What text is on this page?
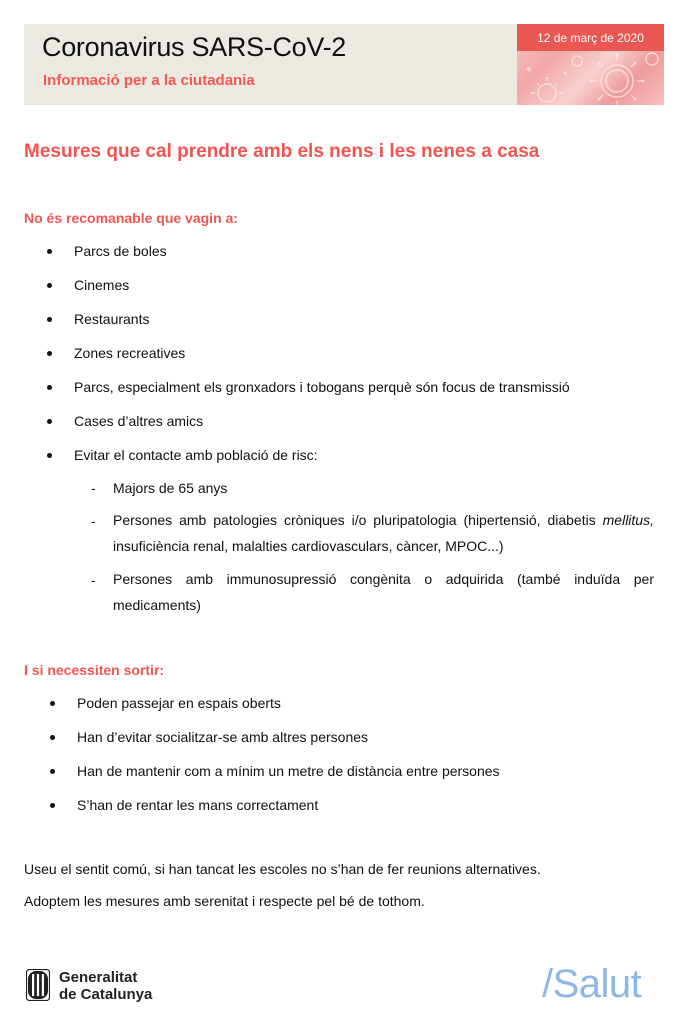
Coronavirus SARS-CoV-2
Informació per a la ciutadania
12 de març de 2020
Mesures que cal prendre amb els nens i les nenes a casa
No és recomanable que vagin a:
Parcs de boles
Cinemes
Restaurants
Zones recreatives
Parcs, especialment els gronxadors i tobogans perquè són focus de transmissió
Cases d’altres amics
Evitar el contacte amb població de risc:
- Majors de 65 anys
- Persones amb patologies cròniques i/o pluripatologia (hipertensió, diabetis mellitus, insuficiència renal, malalties cardiovasculars, càncer, MPOC...)
- Persones amb immunosupressió congènita o adquirida (també induïda per medicaments)
I si necessiten sortir:
Poden passejar en espais oberts
Han d’evitar socialitzar-se amb altres persones
Han de mantenir com a mínim un metre de distància entre persones
S’han de rentar les mans correctament
Useu el sentit comú, si han tancat les escoles no s’han de fer reunions alternatives.
Adoptem les mesures amb serenitat i respecte pel bé de tothom.
Generalitat
de Catalunya	/Salut
